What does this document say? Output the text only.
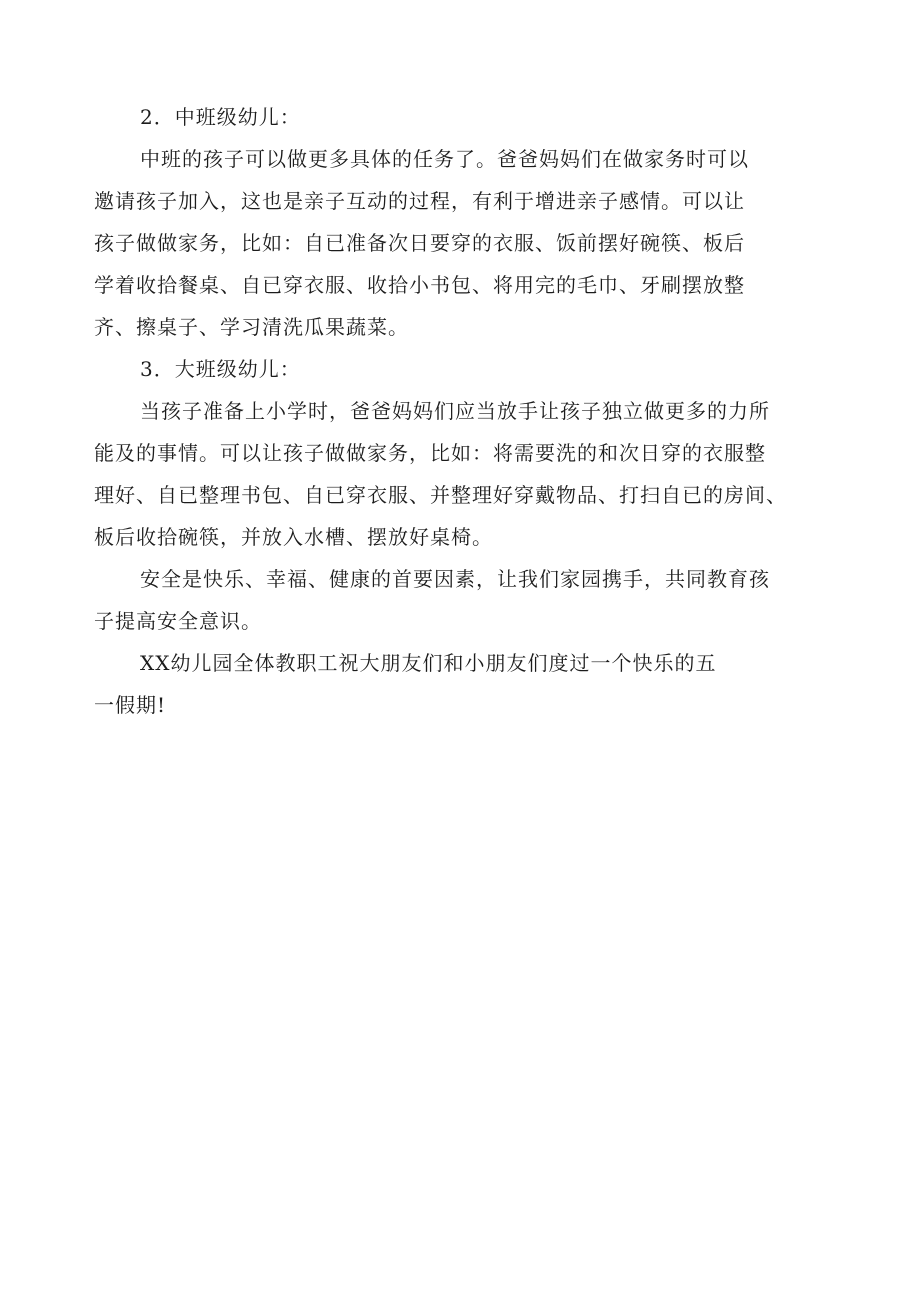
2．中班级幼儿：
中班的孩子可以做更多具体的任务了。爸爸妈妈们在做家务时可以
邀请孩子加入，这也是亲子互动的过程，有利于增进亲子感情。可以让
孩子做做家务，比如：自已准备次日要穿的衣服、饭前摆好碗筷、板后
学着收拾餐桌、自已穿衣服、收拾小书包、将用完的毛巾、牙刷摆放整
齐、擦桌子、学习清洗瓜果蔬菜。
3．大班级幼儿：
当孩子准备上小学时，爸爸妈妈们应当放手让孩子独立做更多的力所
能及的事情。可以让孩子做做家务，比如：将需要洗的和次日穿的衣服整
理好、自已整理书包、自已穿衣服、并整理好穿戴物品、打扫自已的房间、
板后收拾碗筷，并放入水槽、摆放好桌椅。
安全是快乐、幸福、健康的首要因素，让我们家园携手，共同教育孩
子提高安全意识。
XX幼儿园全体教职工祝大朋友们和小朋友们度过一个快乐的五
一假期!
